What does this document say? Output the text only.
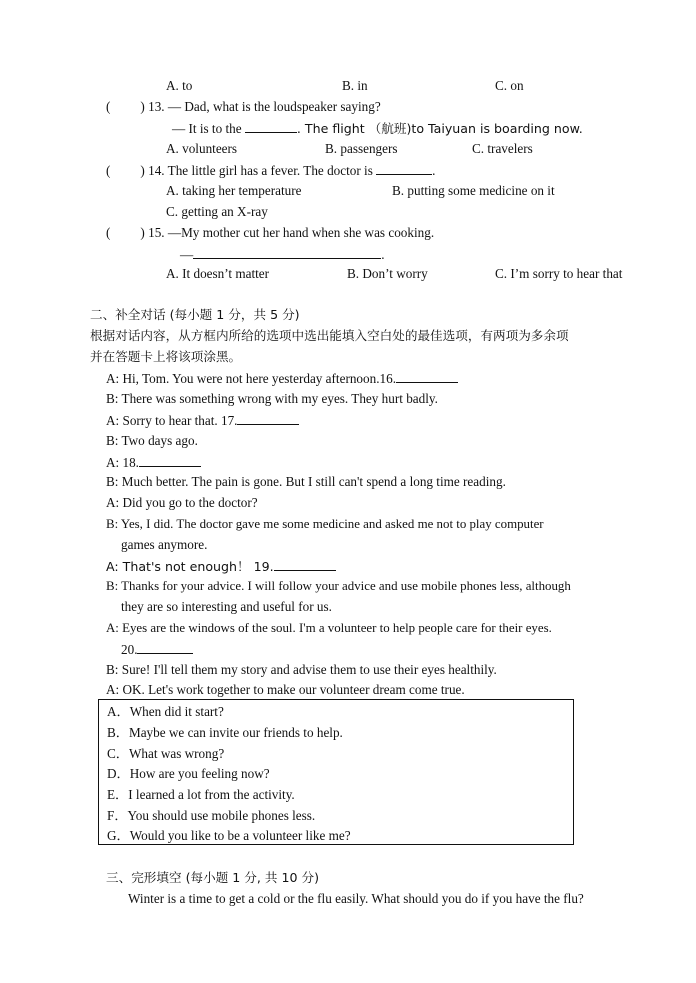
A. to	B. in	C. on
( ) 13. — Dad, what is the loudspeaker saying?
— It is to the	. The flight （航班)to Taiyuan is boarding now.
A. volunteers	B. passengers	C. travelers
( ) 14. The little girl has a fever. The doctor is	.
A. taking her temperature	B. putting some medicine on it
C. getting an X-ray
( ) 15. —My mother cut her hand when she was cooking.
—	.
A. It doesn’t matter	B. Don’t worry	C. I’m sorry to hear that
二、补全对话 (每小题 1 分，共 5 分)
根据对话内容，从方框内所给的选项中选出能填入空白处的最佳选项，有两项为多余项
并在答题卡上将该项涂黑。
A: Hi, Tom. You were not here yesterday afternoon.16.
B: There was something wrong with my eyes. They hurt badly.
A: Sorry to hear that. 17.
B: Two days ago.
A: 18.
B: Much better. The pain is gone. But I still can't spend a long time reading.
A: Did you go to the doctor?
B: Yes, I did. The doctor gave me some medicine and asked me not to play computer
games anymore.
A: That's not enough！ 19.
B: Thanks for your advice. I will follow your advice and use mobile phones less, although
they are so interesting and useful for us.
A: Eyes are the windows of the soul. I'm a volunteer to help people care for their eyes.
20.
B: Sure! I'll tell them my story and advise them to use their eyes healthily.
A: OK. Let's work together to make our volunteer dream come true.
A．When did it start?
B．Maybe we can invite our friends to help.
C．What was wrong?
D．How are you feeling now?
E．I learned a lot from the activity.
F．You should use mobile phones less.
G．Would you like to be a volunteer like me?
三、完形填空 (每小题 1 分, 共 10 分)
Winter is a time to get a cold or the flu easily. What should you do if you have the flu?
